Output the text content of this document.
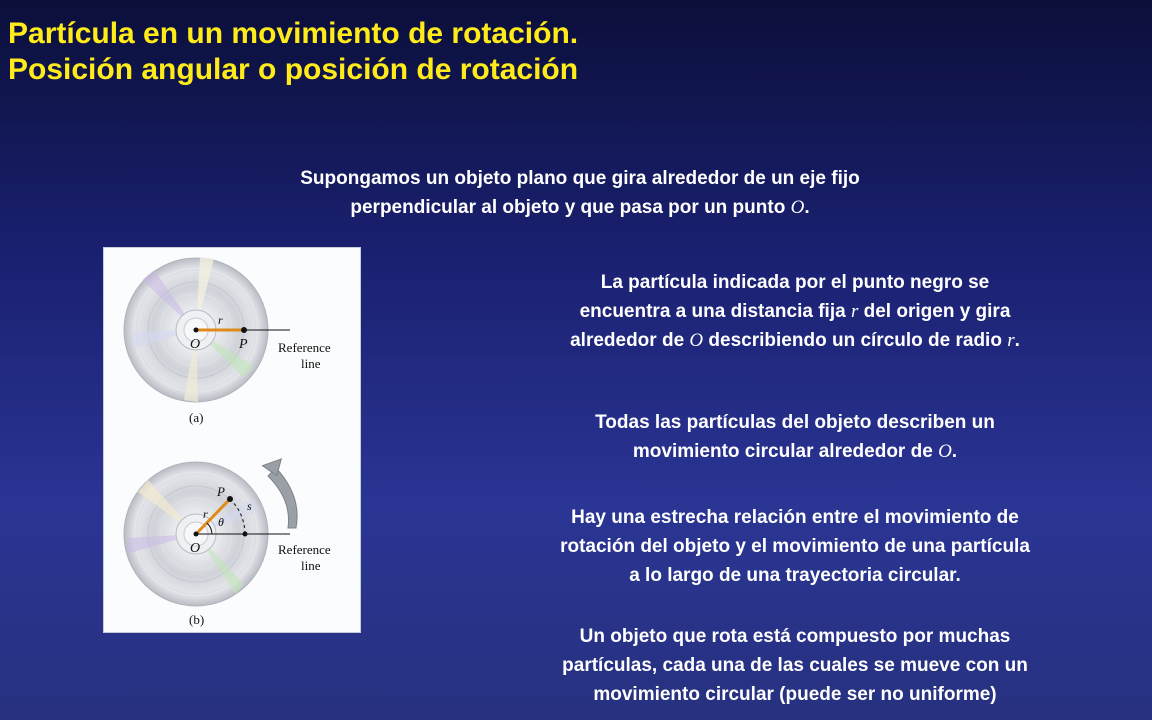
Partícula en un movimiento de rotación.
Posición angular o posición de rotación
Supongamos un objeto plano que gira alrededor de un eje fijo
perpendicular al objeto y que pasa por un punto O.
La partícula indicada por el punto negro se
encuentra a una distancia fija r del origen y gira
alrededor de O describiendo un círculo de radio r.
Todas las partículas del objeto describen un
movimiento circular alrededor de O.
Hay una estrecha relación entre el movimiento de
rotación del objeto y el movimiento de una partícula
a lo largo de una trayectoria circular.
Un objeto que rota está compuesto por muchas
partículas, cada una de las cuales se mueve con un
movimiento circular (puede ser no uniforme)
r
O	P Reference
line
(a)
P
r
θ
s
O	Reference
line
(b)
